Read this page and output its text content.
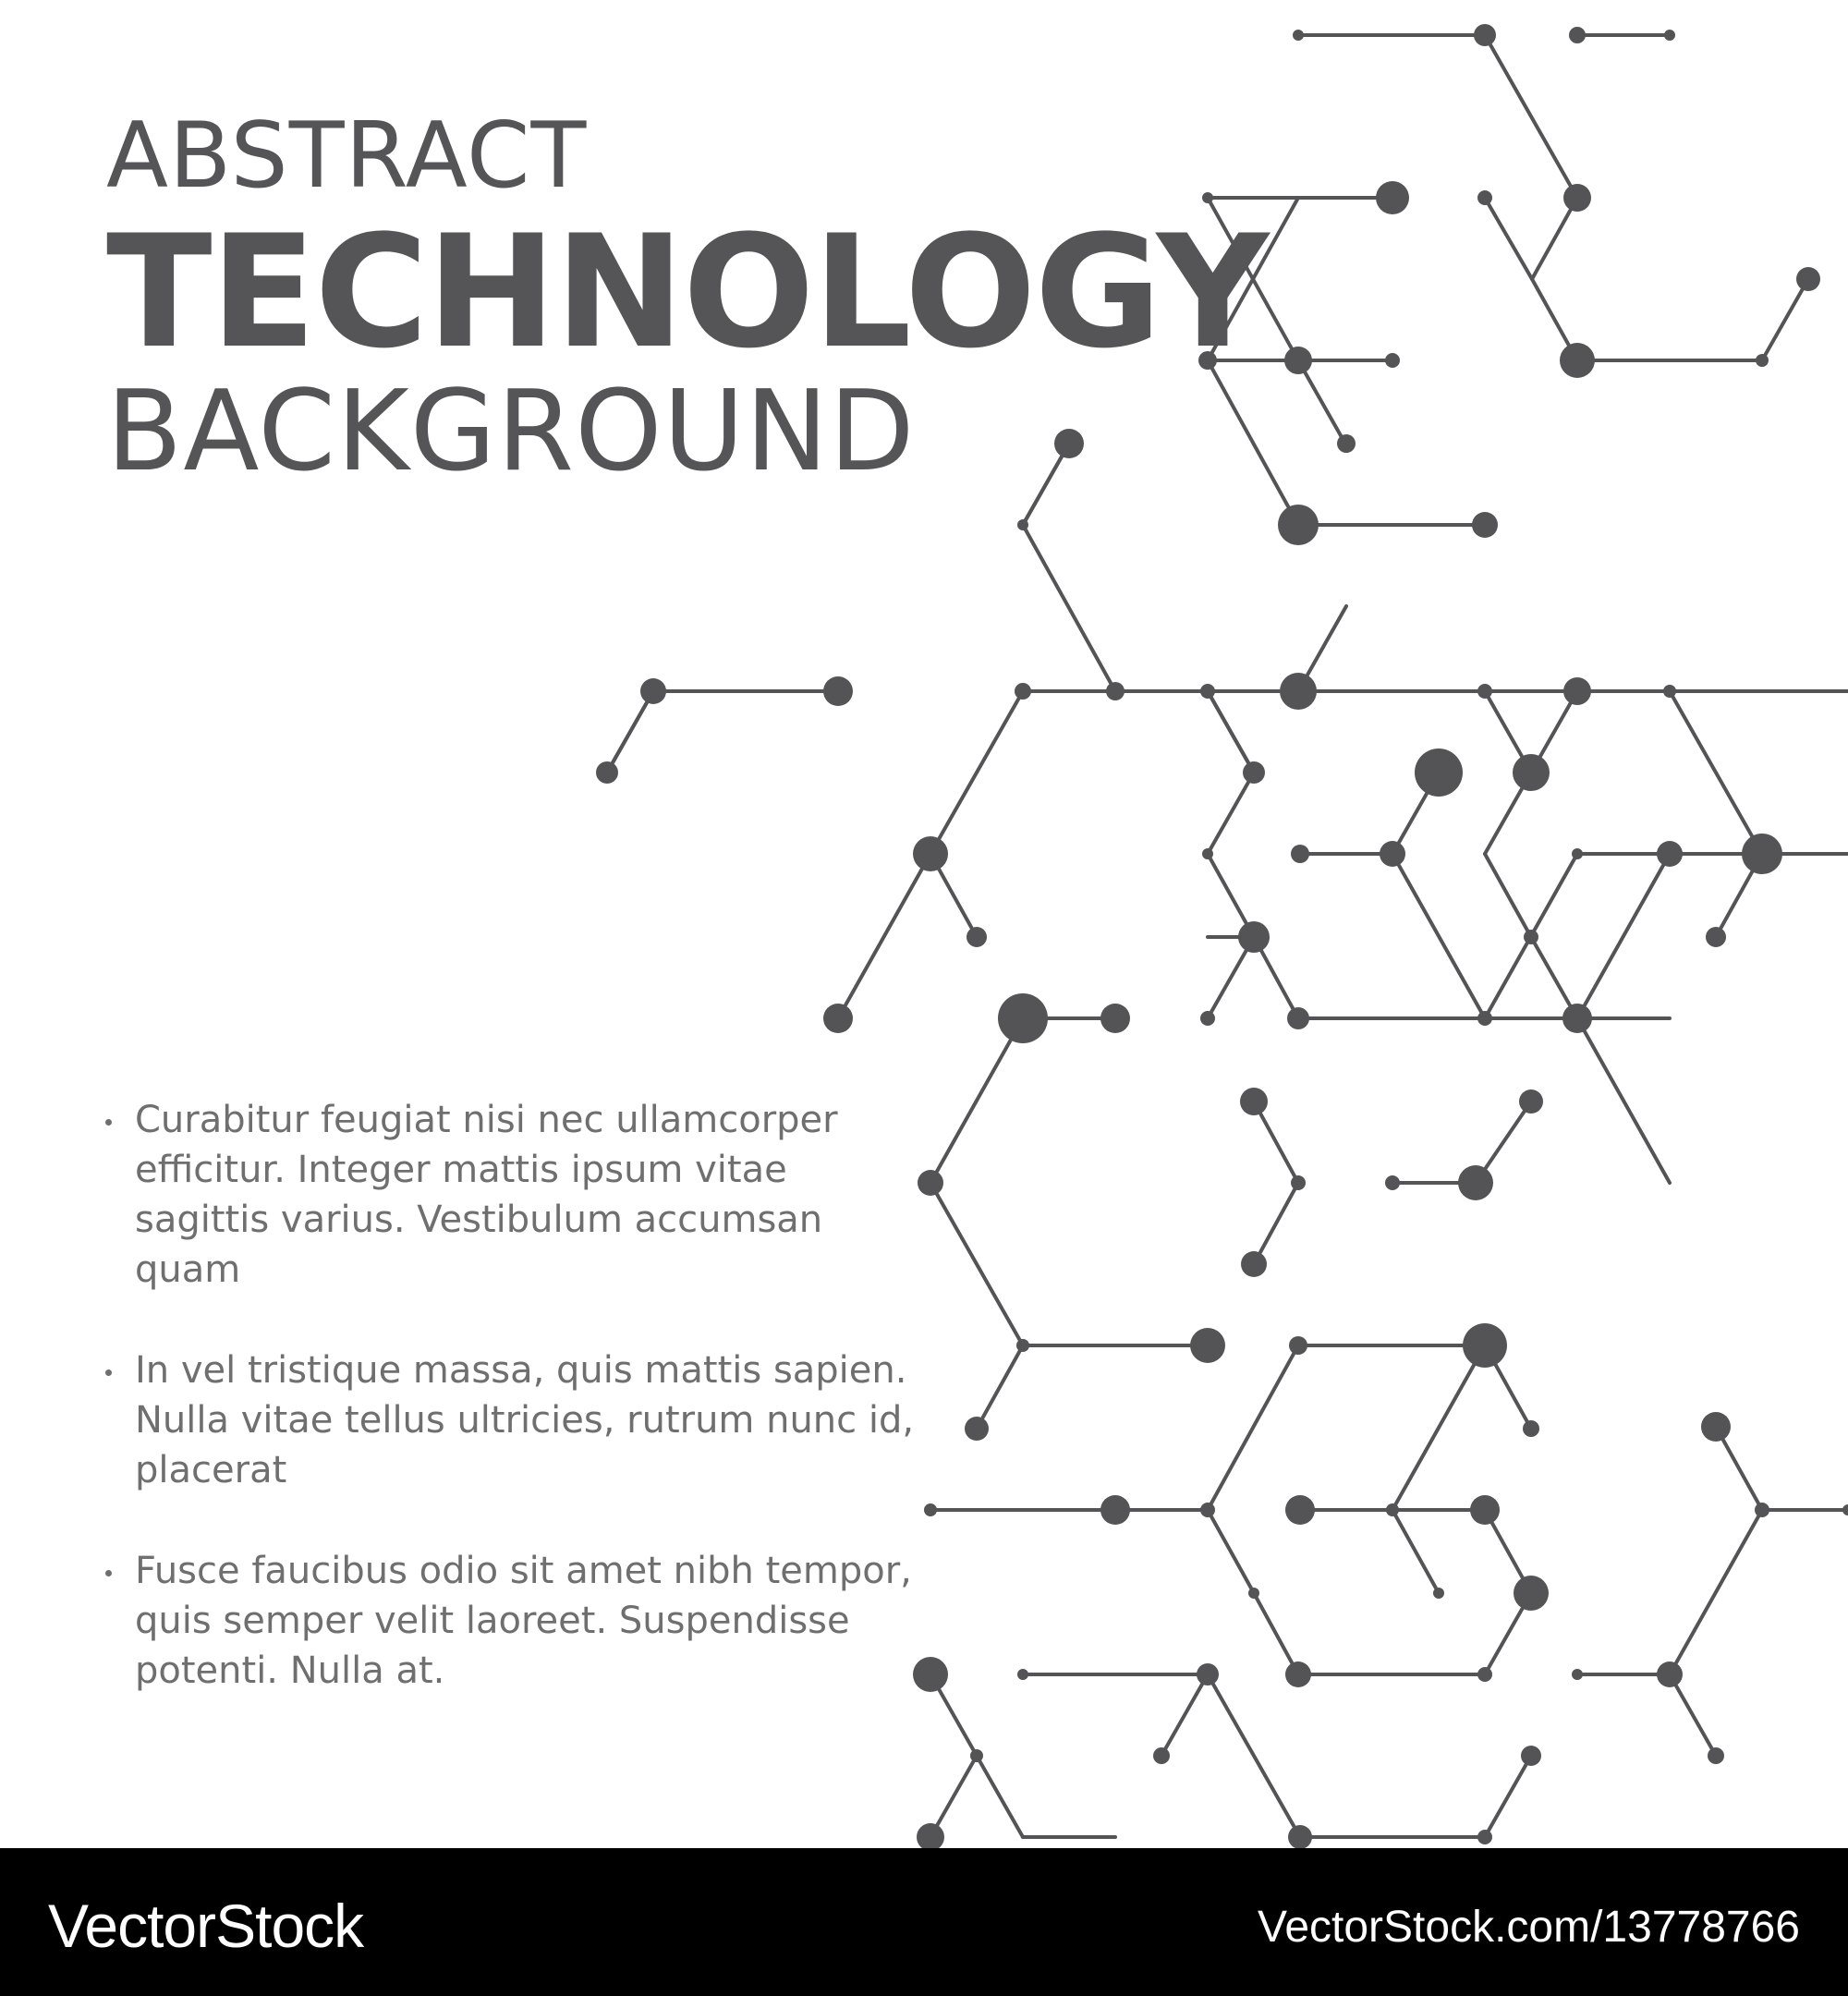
ABSTRACT
TECHNOLOGY
BACKGROUND
Curabitur feugiat nisi nec ullamcorper efficitur. Integer mattis ipsum vitae sagittis varius. Vestibulum accumsan quam
In vel tristique massa, quis mattis sapien. Nulla vitae tellus ultricies, rutrum nunc id, placerat
Fusce faucibus odio sit amet nibh tempor, quis semper velit laoreet. Suspendisse potenti. Nulla at.
VectorStock	VectorStock.com/13778766
